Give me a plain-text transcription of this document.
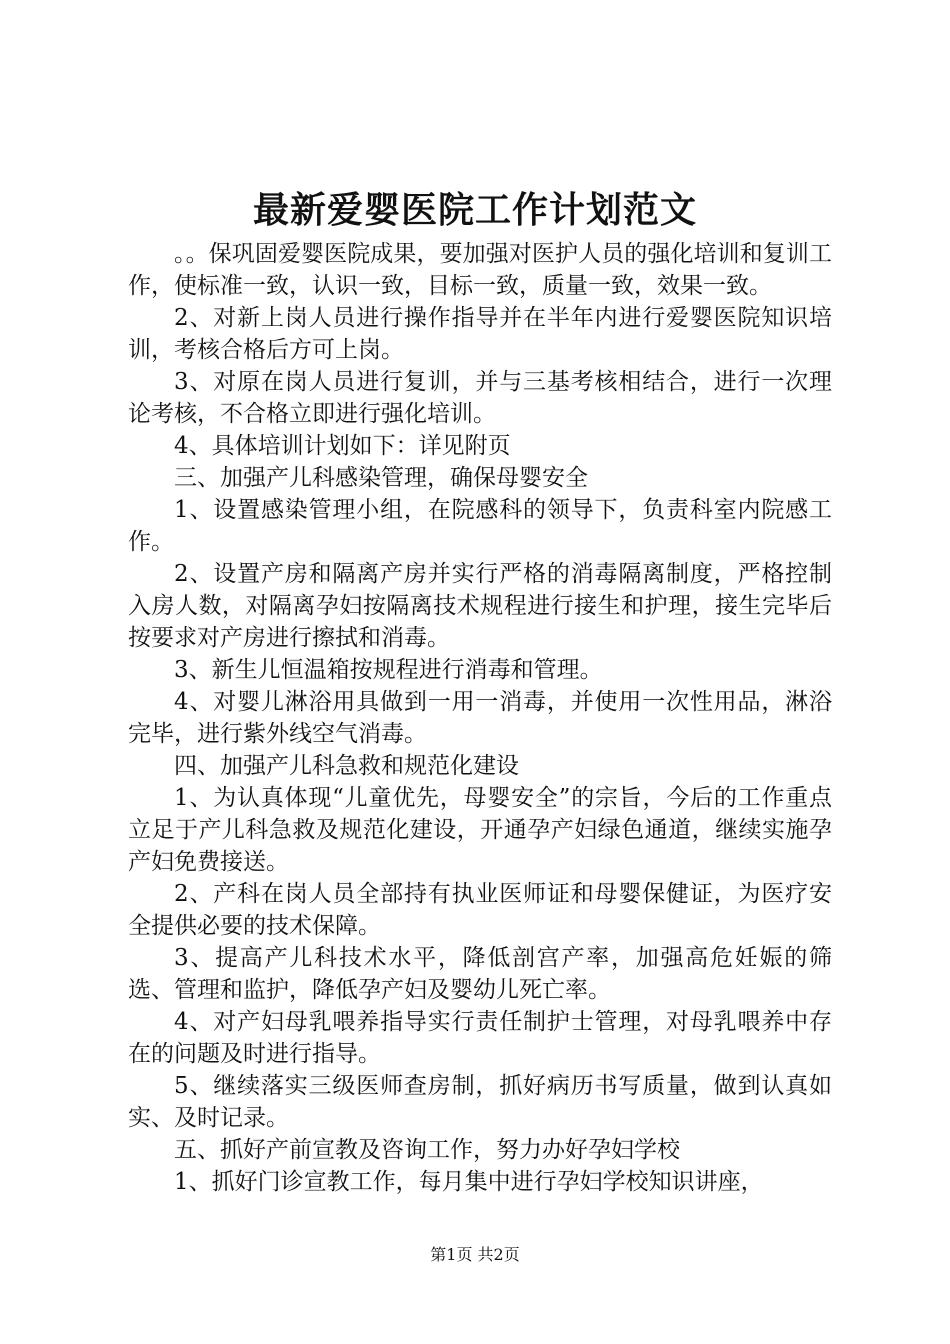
最新爱婴医院工作计划范文

。。保巩固爱婴医院成果，要加强对医护人员的强化培训和复训工作，使标准一致，认识一致，目标一致，质量一致，效果一致。

2、对新上岗人员进行操作指导并在半年内进行爱婴医院知识培训，考核合格后方可上岗。

3、对原在岗人员进行复训，并与三基考核相结合，进行一次理论考核，不合格立即进行强化培训。

4、具体培训计划如下：详见附页

三、加强产儿科感染管理，确保母婴安全

1、设置感染管理小组，在院感科的领导下，负责科室内院感工作。

2、设置产房和隔离产房并实行严格的消毒隔离制度，严格控制入房人数，对隔离孕妇按隔离技术规程进行接生和护理，接生完毕后按要求对产房进行擦拭和消毒。

3、新生儿恒温箱按规程进行消毒和管理。

4、对婴儿淋浴用具做到一用一消毒，并使用一次性用品，淋浴完毕，进行紫外线空气消毒。

四、加强产儿科急救和规范化建设

1、为认真体现“儿童优先，母婴安全”的宗旨，今后的工作重点立足于产儿科急救及规范化建设，开通孕产妇绿色通道，继续实施孕产妇免费接送。

2、产科在岗人员全部持有执业医师证和母婴保健证，为医疗安全提供必要的技术保障。

3、提高产儿科技术水平，降低剖宫产率，加强高危妊娠的筛选、管理和监护，降低孕产妇及婴幼儿死亡率。

4、对产妇母乳喂养指导实行责任制护士管理，对母乳喂养中存在的问题及时进行指导。

5、继续落实三级医师查房制，抓好病历书写质量，做到认真如实、及时记录。

五、抓好产前宣教及咨询工作，努力办好孕妇学校

1、抓好门诊宣教工作，每月集中进行孕妇学校知识讲座，

第1页 共2页
